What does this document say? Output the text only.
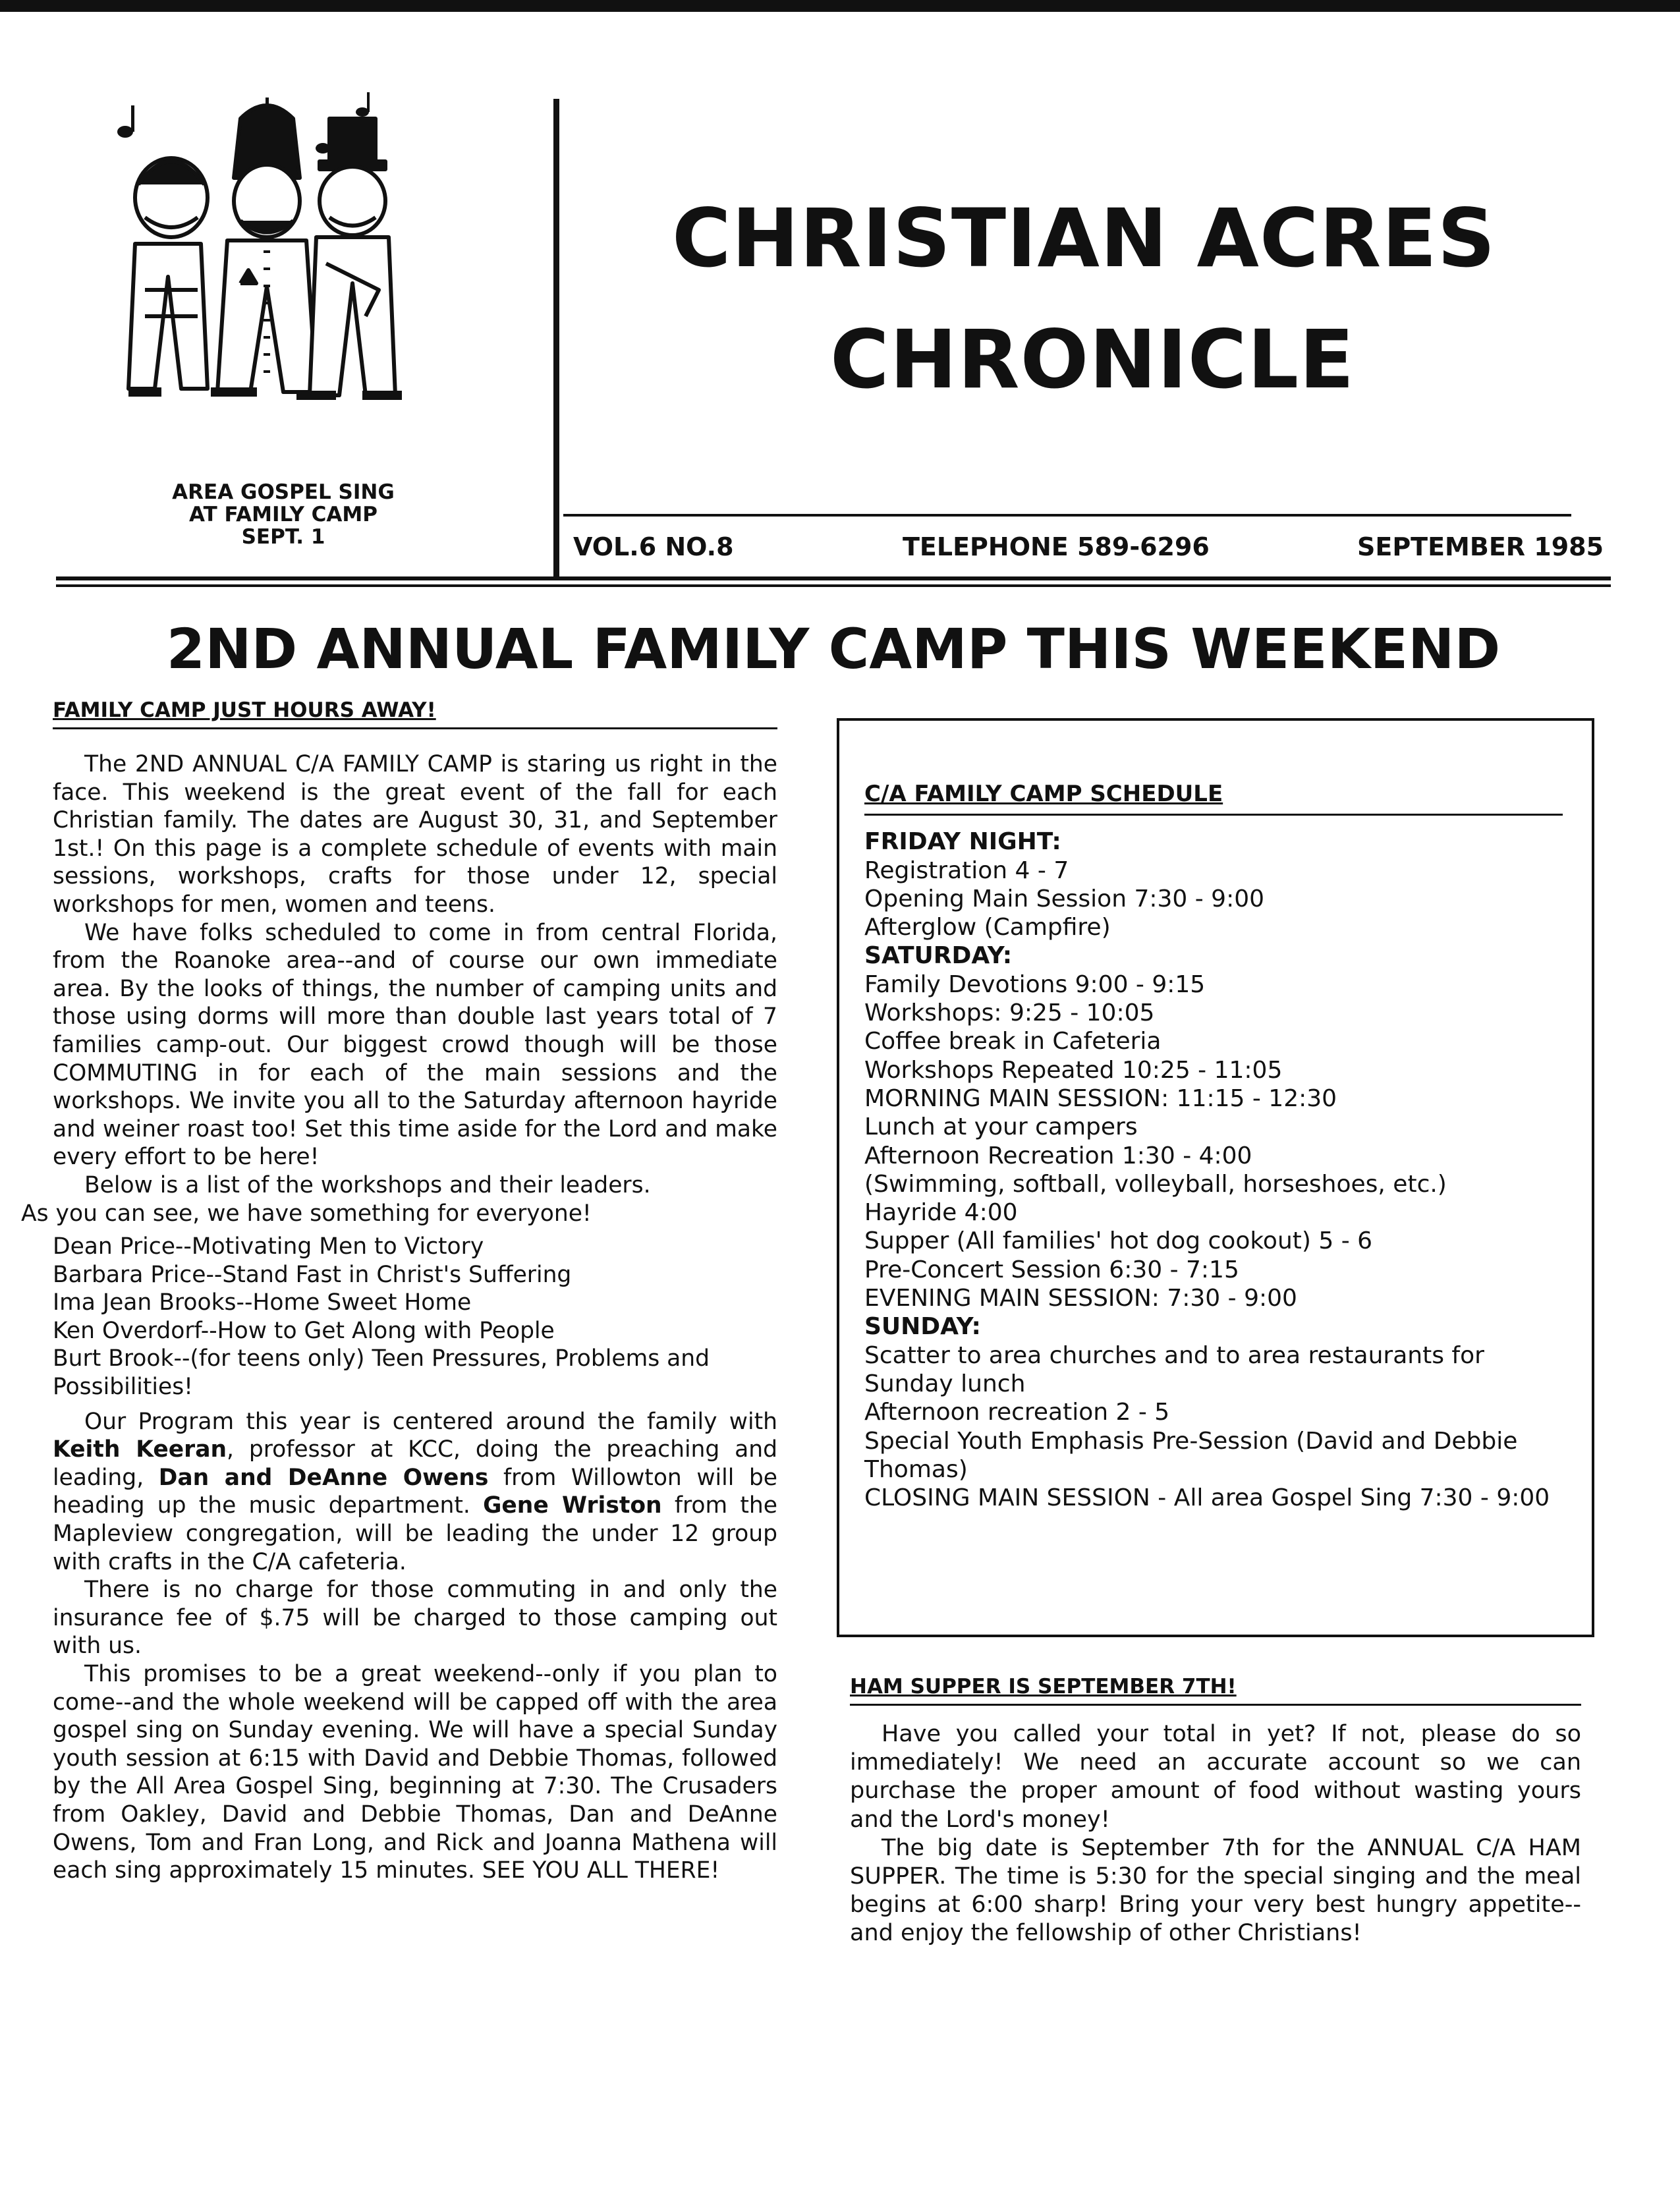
AREA GOSPEL SING
AT FAMILY CAMP
SEPT. 1
CHRISTIAN ACRES
CHRONICLE
VOL.6 NO.8	TELEPHONE 589-6296	SEPTEMBER 1985
2ND ANNUAL FAMILY CAMP THIS WEEKEND
FAMILY CAMP JUST HOURS AWAY!

The 2ND ANNUAL C/A FAMILY CAMP is staring us right in the face. This weekend is the great event of the fall for each Christian family. The dates are August 30, 31, and September 1st.! On this page is a complete schedule of events with main sessions, workshops, crafts for those under 12, special workshops for men, women and teens.

We have folks scheduled to come in from central Florida, from the Roanoke area--and of course our own immediate area. By the looks of things, the number of camping units and those using dorms will more than double last years total of 7 families camp-out. Our biggest crowd though will be those COMMUTING in for each of the main sessions and the workshops. We invite you all to the Saturday afternoon hayride and weiner roast too! Set this time aside for the Lord and make every effort to be here!

Below is a list of the workshops and their leaders.
As you can see, we have something for everyone!

Dean Price--Motivating Men to Victory
Barbara Price--Stand Fast in Christ's Suffering
Ima Jean Brooks--Home Sweet Home
Ken Overdorf--How to Get Along with People
Burt Brook--(for teens only) Teen Pressures, Problems and Possibilities!

Our Program this year is centered around the family with Keith Keeran, professor at KCC, doing the preaching and leading, Dan and DeAnne Owens from Willowton will be heading up the music department. Gene Wriston from the Mapleview congregation, will be leading the under 12 group with crafts in the C/A cafeteria.

There is no charge for those commuting in and only the insurance fee of $.75 will be charged to those camping out with us.

This promises to be a great weekend--only if you plan to come--and the whole weekend will be capped off with the area gospel sing on Sunday evening. We will have a special Sunday youth session at 6:15 with David and Debbie Thomas, followed by the All Area Gospel Sing, beginning at 7:30. The Crusaders from Oakley, David and Debbie Thomas, Dan and DeAnne Owens, Tom and Fran Long, and Rick and Joanna Mathena will each sing approximately 15 minutes. SEE YOU ALL THERE!

C/A FAMILY CAMP SCHEDULE
FRIDAY NIGHT:
Registration 4 - 7
Opening Main Session 7:30 - 9:00
Afterglow (Campfire)
SATURDAY:
Family Devotions 9:00 - 9:15
Workshops: 9:25 - 10:05
Coffee break in Cafeteria
Workshops Repeated 10:25 - 11:05
MORNING MAIN SESSION: 11:15 - 12:30
Lunch at your campers
Afternoon Recreation 1:30 - 4:00
(Swimming, softball, volleyball, horseshoes, etc.)
Hayride 4:00
Supper (All families' hot dog cookout) 5 - 6
Pre-Concert Session 6:30 - 7:15
EVENING MAIN SESSION: 7:30 - 9:00
SUNDAY:
Scatter to area churches and to area restaurants for Sunday lunch
Afternoon recreation 2 - 5
Special Youth Emphasis Pre-Session (David and Debbie Thomas)
CLOSING MAIN SESSION - All area Gospel Sing 7:30 - 9:00
HAM SUPPER IS SEPTEMBER 7TH!

Have you called your total in yet? If not, please do so immediately! We need an accurate account so we can purchase the proper amount of food without wasting yours and the Lord's money!

The big date is September 7th for the ANNUAL C/A HAM SUPPER. The time is 5:30 for the special singing and the meal begins at 6:00 sharp! Bring your very best hungry appetite--and enjoy the fellowship of other Christians!
